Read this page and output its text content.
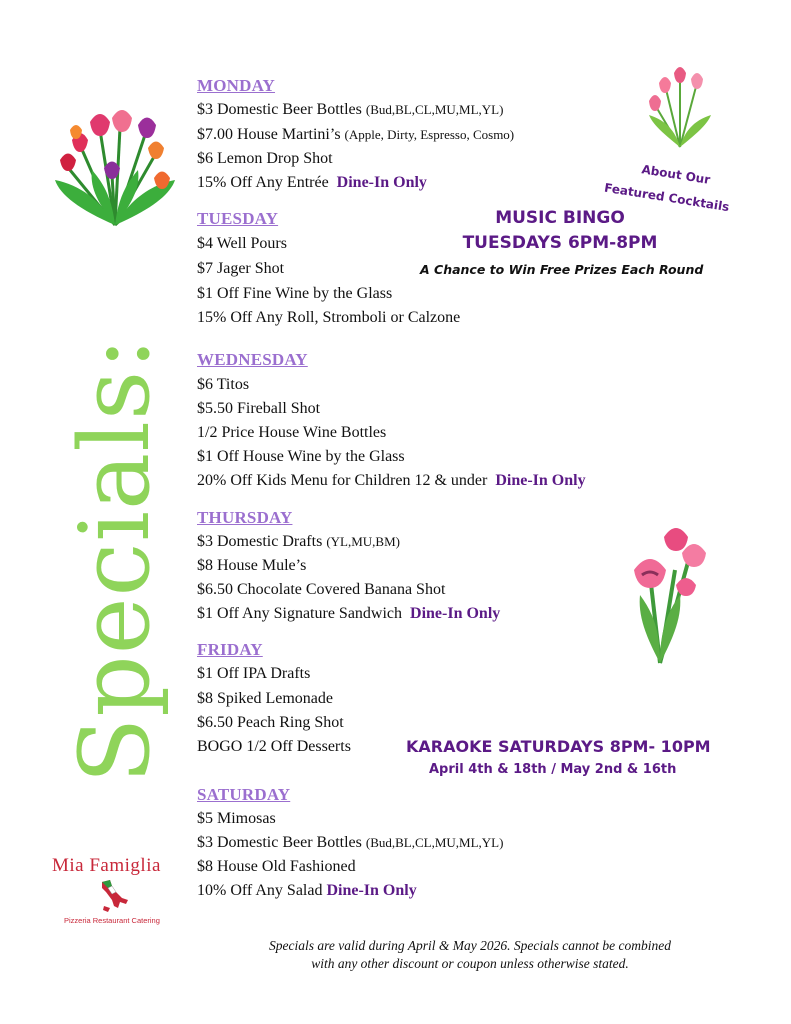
Specials:
About Our
Featured Cocktails
MONDAY
$3 Domestic Beer Bottles (Bud,BL,CL,MU,ML,YL)
$7.00 House Martini’s (Apple, Dirty, Espresso, Cosmo)
$6 Lemon Drop Shot
15% Off Any Entrée Dine-In Only
TUESDAY
$4 Well Pours
$7 Jager Shot
$1 Off Fine Wine by the Glass
15% Off Any Roll, Stromboli or Calzone
MUSIC BINGO
TUESDAYS 6PM-8PM
A Chance to Win Free Prizes Each Round
WEDNESDAY
$6 Titos
$5.50 Fireball Shot
1/2 Price House Wine Bottles
$1 Off House Wine by the Glass
20% Off Kids Menu for Children 12 & under Dine-In Only
THURSDAY
$3 Domestic Drafts (YL,MU,BM)
$8 House Mule’s
$6.50 Chocolate Covered Banana Shot
$1 Off Any Signature Sandwich Dine-In Only
FRIDAY
$1 Off IPA Drafts
$8 Spiked Lemonade
$6.50 Peach Ring Shot
BOGO 1/2 Off Desserts	KARAOKE SATURDAYS 8PM- 10PM
April 4th & 18th / May 2nd & 16th
SATURDAY
$5 Mimosas
$3 Domestic Beer Bottles (Bud,BL,CL,MU,ML,YL)
$8 House Old Fashioned
10% Off Any Salad Dine-In Only
Mia Famiglia
Pizzeria Restaurant Catering
Specials are valid during April & May 2026. Specials cannot be combined
with any other discount or coupon unless otherwise stated.
